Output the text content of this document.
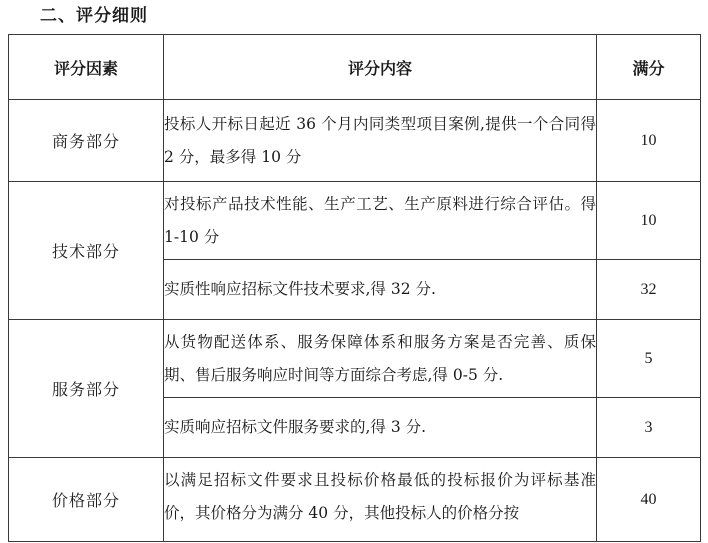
二、评分细则
评分因素	评分内容	满分
商务部分	投标人开标日起近 36 个月内同类型项目案例,提供一个合同得 2 分，最多得 10 分	10
技术部分	对投标产品技术性能、生产工艺、生产原料进行综合评估。得 1-10 分	10
	实质性响应招标文件技术要求,得 32 分.	32
服务部分	从货物配送体系、服务保障体系和服务方案是否完善、质保期、售后服务响应时间等方面综合考虑,得 0-5 分.	5
	实质响应招标文件服务要求的,得 3 分.	3
价格部分	以满足招标文件要求且投标价格最低的投标报价为评标基准价，其价格分为满分 40 分，其他投标人的价格分按	40
